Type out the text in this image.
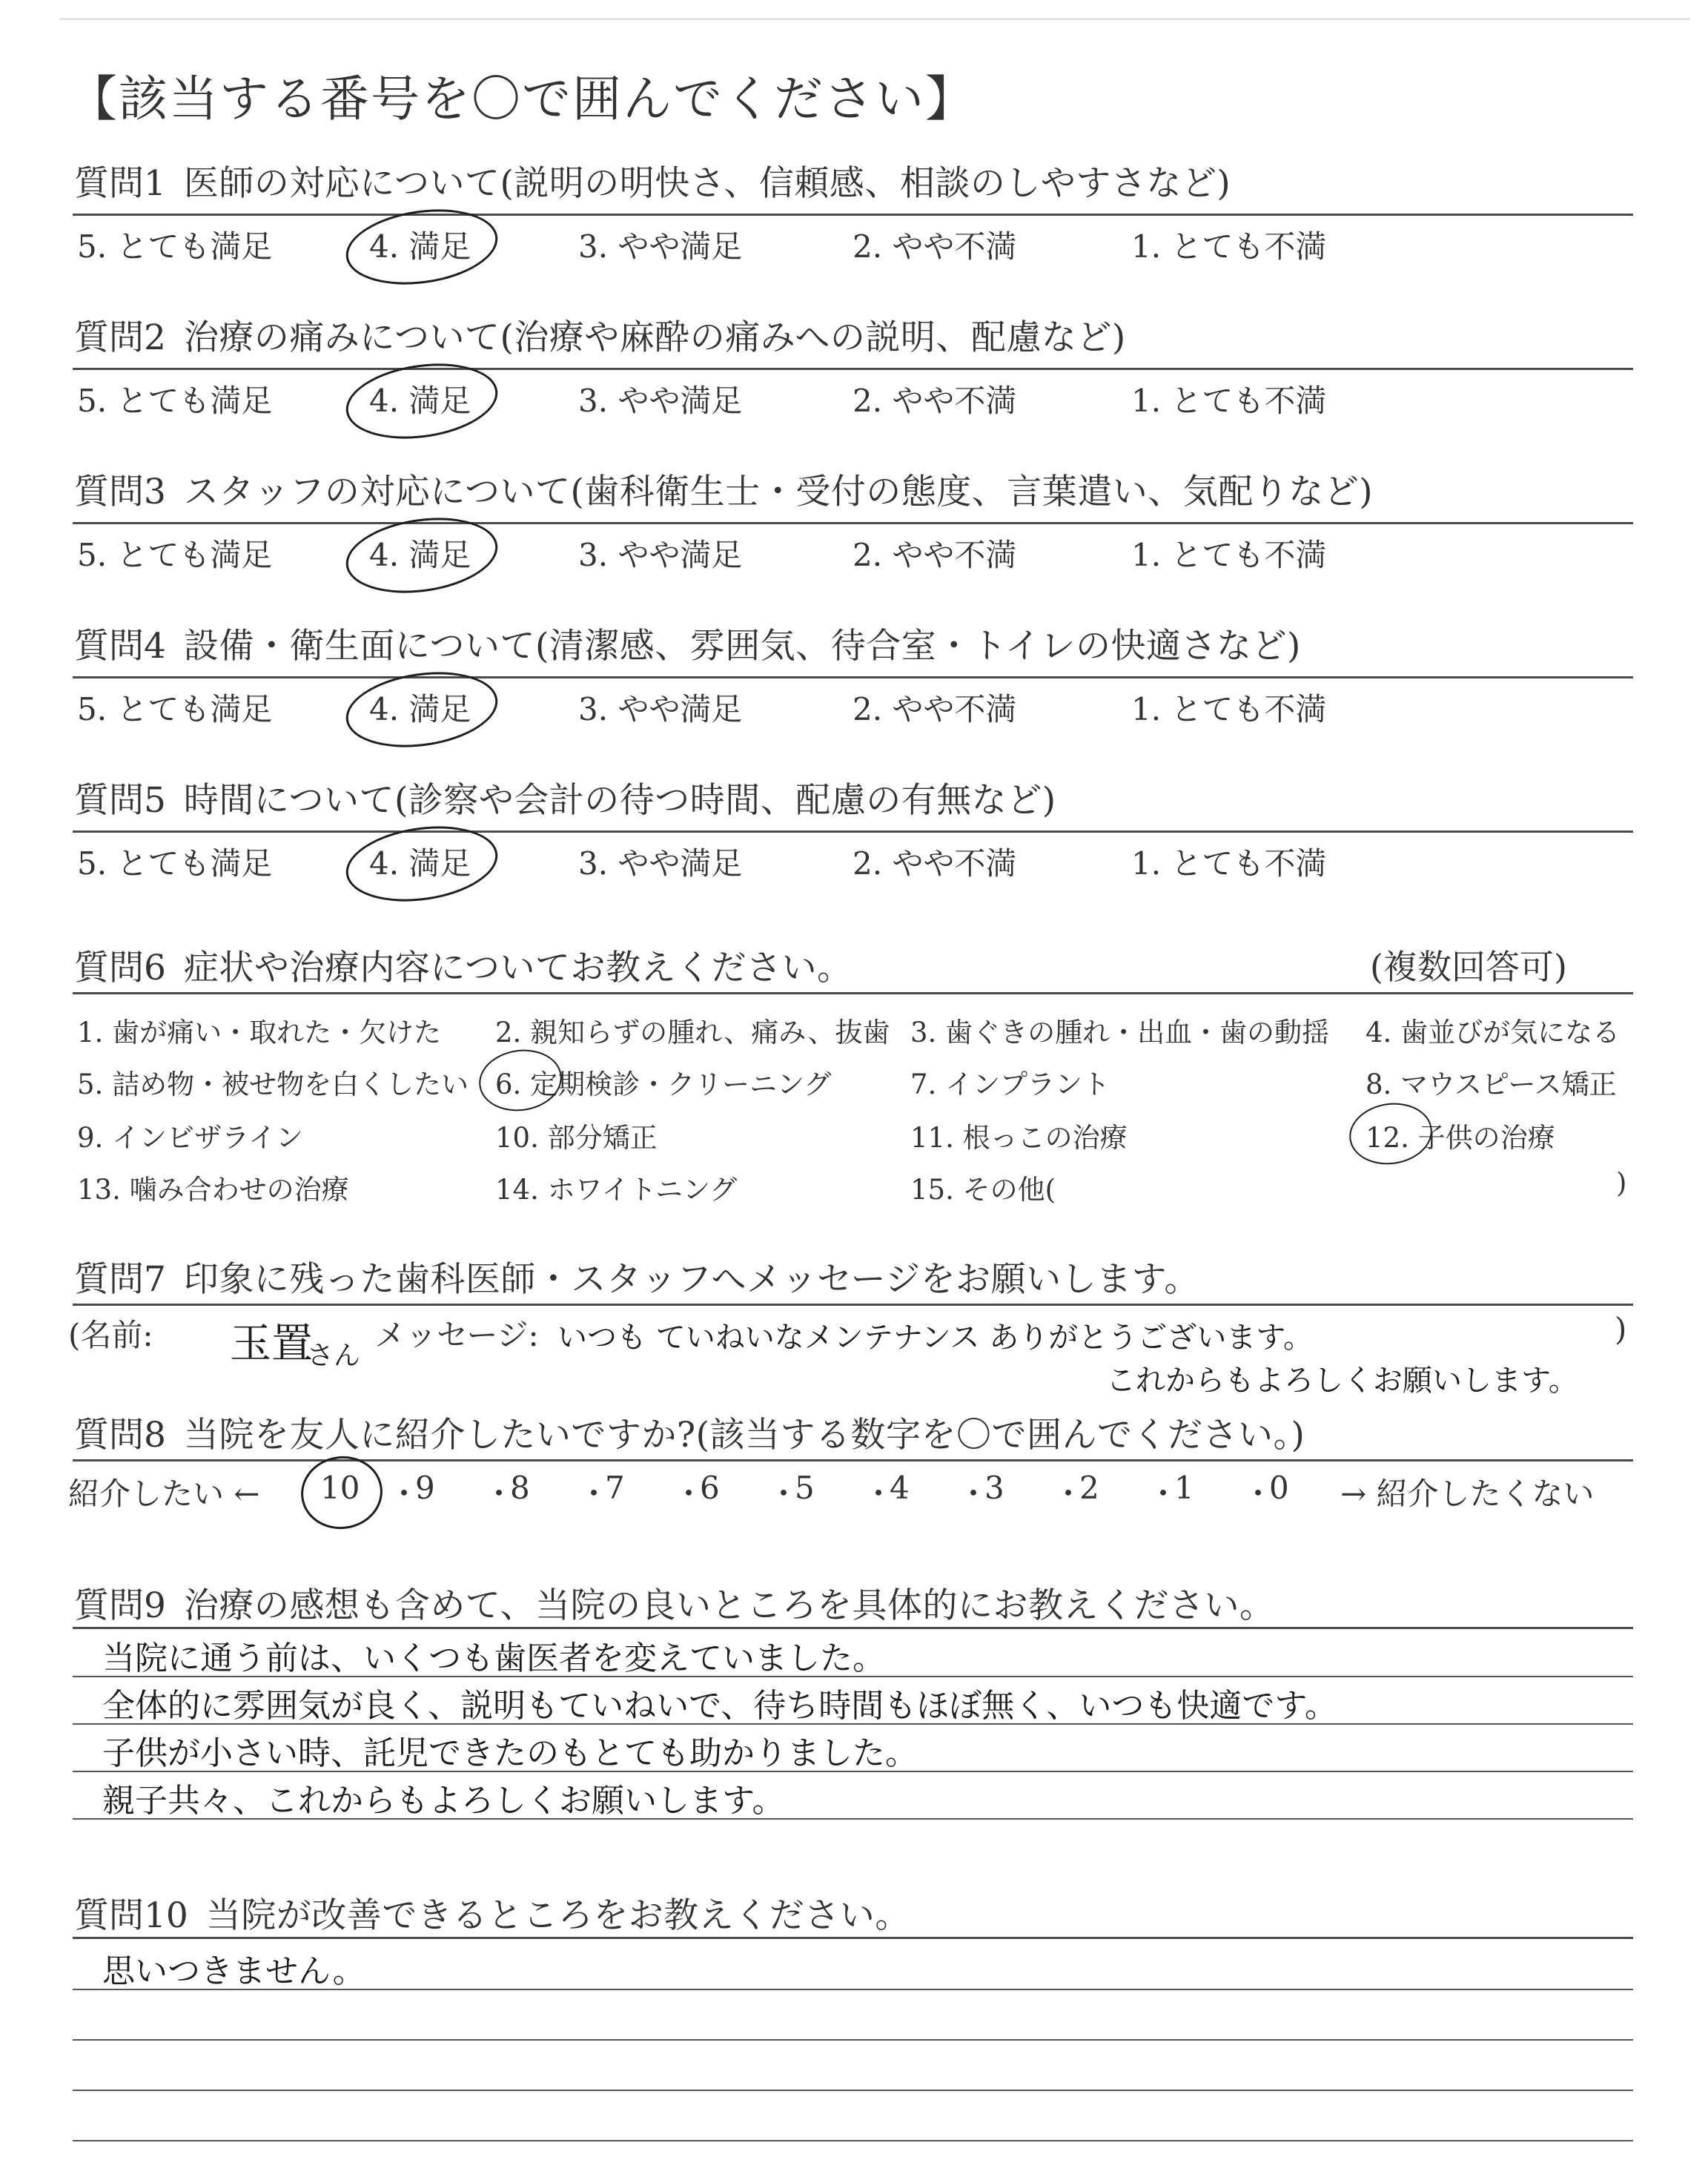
【該当する番号を〇で囲んでください】
質問1 医師の対応について(説明の明快さ、信頼感、相談のしやすさなど)
5. とても満足	4. 満足	3. やや満足	2. やや不満	1. とても不満
質問2 治療の痛みについて(治療や麻酔の痛みへの説明、配慮など)
5. とても満足	4. 満足	3. やや満足	2. やや不満	1. とても不満
質問3 スタッフの対応について(歯科衛生士・受付の態度、言葉遣い、気配りなど)
5. とても満足	4. 満足	3. やや満足	2. やや不満	1. とても不満
質問4 設備・衛生面について(清潔感、雰囲気、待合室・トイレの快適さなど)
5. とても満足	4. 満足	3. やや満足	2. やや不満	1. とても不満
質問5 時間について(診察や会計の待つ時間、配慮の有無など)
5. とても満足	4. 満足	3. やや満足	2. やや不満	1. とても不満
質問6 症状や治療内容についてお教えください。	(複数回答可)
1. 歯が痛い・取れた・欠けた 2. 親知らずの腫れ、痛み、抜歯 3. 歯ぐきの腫れ・出血・歯の動揺 4. 歯並びが気になる
5. 詰め物・被せ物を白くしたい 6. 定期検診・クリーニング	7. インプラント	8. マウスピース矯正
9. インビザライン	10. 部分矯正	11. 根っこの治療	12. 子供の治療
13. 噛み合わせの治療	14. ホワイトニング	15. その他(	)
質問7 印象に残った歯科医師・スタッフへメッセージをお願いします。
(名前: 玉置
さん
メッセージ: いつも ていねいなメンテナンス ありがとうございます。
これからもよろしくお願いします。
)
質問8 当院を友人に紹介したいですか?(該当する数字を〇で囲んでください。)
紹介したい ← 10 ・
9 ・
8 ・
7 ・
6 ・
5 ・
4 ・
3 ・
2 ・
1 ・
0 → 紹介したくない
質問9 治療の感想も含めて、当院の良いところを具体的にお教えください。
当院に通う前は、いくつも歯医者を変えていました。
全体的に雰囲気が良く、説明もていねいで、待ち時間もほぼ無く、いつも快適です。
子供が小さい時、託児できたのもとても助かりました。
親子共々、これからもよろしくお願いします。
質問10 当院が改善できるところをお教えください。
思いつきません。
